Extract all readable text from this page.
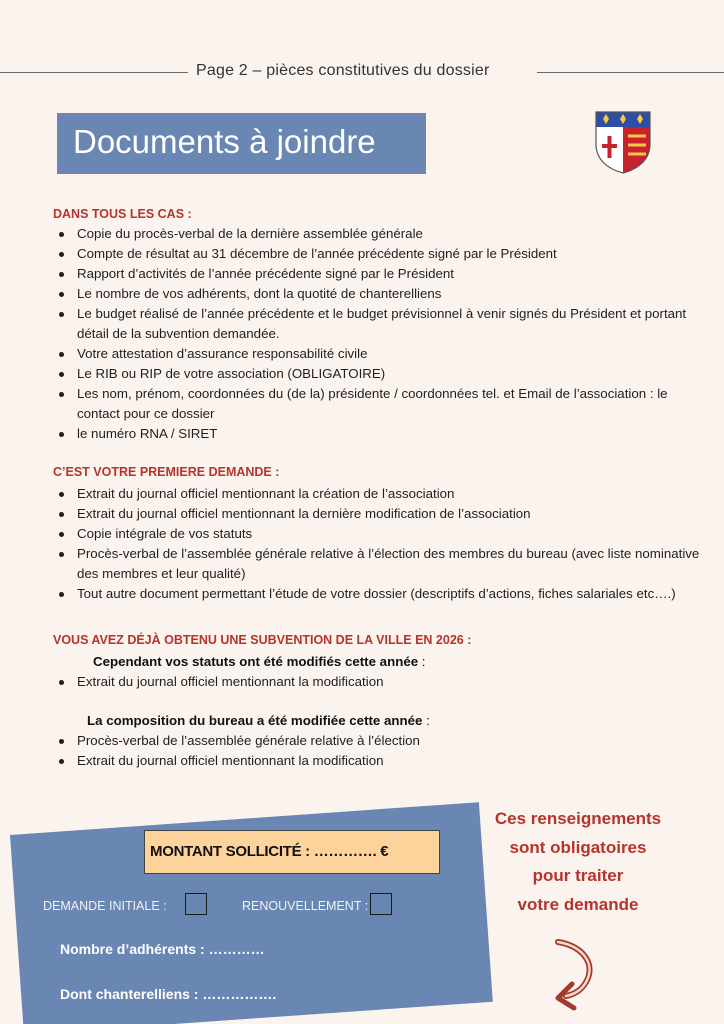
Page 2 – pièces constitutives du dossier
Documents à joindre
DANS TOUS LES CAS :
Copie du procès-verbal de la dernière assemblée générale
Compte de résultat au 31 décembre de l’année précédente signé par le Président
Rapport d’activités de l’année précédente signé par le Président
Le nombre de vos adhérents, dont la quotité de chanterelliens
Le budget réalisé de l’année précédente et le budget prévisionnel à venir signés du Président et portant détail de la subvention demandée.
Votre attestation d’assurance responsabilité civile
Le RIB ou RIP de votre association (OBLIGATOIRE)
Les nom, prénom, coordonnées du (de la) présidente / coordonnées tel. et Email de l’association : le contact pour ce dossier
le numéro RNA / SIRET
C’EST VOTRE PREMIERE DEMANDE :
Extrait du journal officiel mentionnant la création de l’association
Extrait du journal officiel mentionnant la dernière modification de l’association
Copie intégrale de vos statuts
Procès-verbal de l’assemblée générale relative à l’élection des membres du bureau (avec liste nominative des membres et leur qualité)
Tout autre document permettant l’étude de votre dossier (descriptifs d’actions, fiches salariales etc….)
VOUS AVEZ DÉJÀ OBTENU UNE SUBVENTION DE LA VILLE EN 2026 :
Cependant vos statuts ont été modifiés cette année :
Extrait du journal officiel mentionnant la modification
La composition du bureau a été modifiée cette année :
Procès-verbal de l’assemblée générale relative à l’élection
Extrait du journal officiel mentionnant la modification
MONTANT SOLLICITÉ : …………. €
DEMANDE INITIALE :	RENOUVELLEMENT :
Nombre d’adhérents : …………
Dont chanterelliens : …………….
Ces renseignements
sont obligatoires
pour traiter
votre demande
